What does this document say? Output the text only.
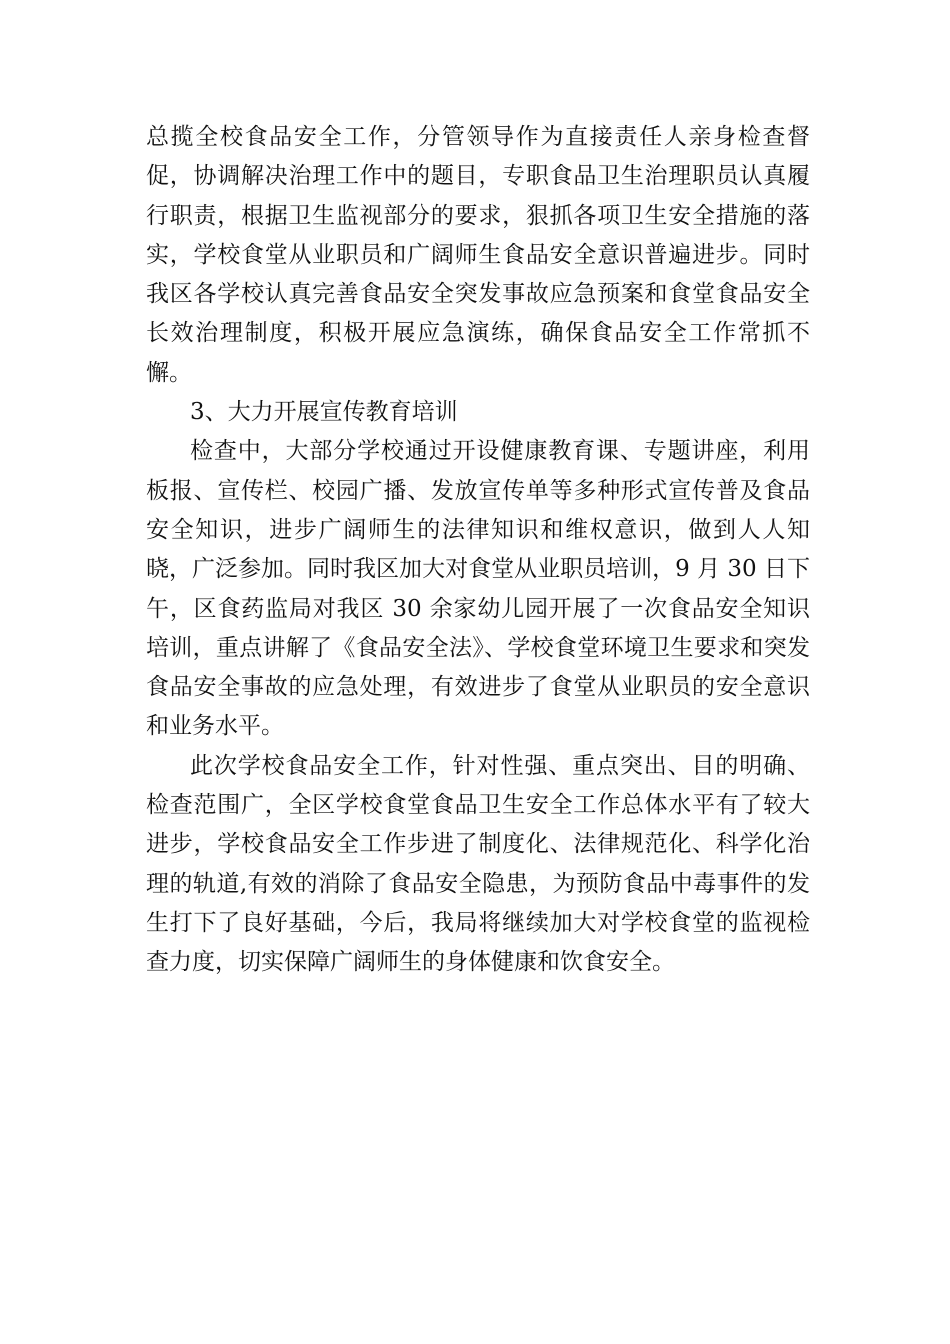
总揽全校食品安全工作，分管领导作为直接责任人亲身检查督促，协调解决治理工作中的题目，专职食品卫生治理职员认真履行职责，根据卫生监视部分的要求，狠抓各项卫生安全措施的落实，学校食堂从业职员和广阔师生食品安全意识普遍进步。同时我区各学校认真完善食品安全突发事故应急预案和食堂食品安全长效治理制度，积极开展应急演练，确保食品安全工作常抓不懈。

3、大力开展宣传教育培训

检查中，大部分学校通过开设健康教育课、专题讲座，利用板报、宣传栏、校园广播、发放宣传单等多种形式宣传普及食品安全知识，进步广阔师生的法律知识和维权意识，做到人人知晓，广泛参加。同时我区加大对食堂从业职员培训，9 月 30 日下午，区食药监局对我区 30 余家幼儿园开展了一次食品安全知识培训，重点讲解了《食品安全法》、学校食堂环境卫生要求和突发食品安全事故的应急处理，有效进步了食堂从业职员的安全意识和业务水平。

此次学校食品安全工作，针对性强、重点突出、目的明确、检查范围广，全区学校食堂食品卫生安全工作总体水平有了较大进步，学校食品安全工作步进了制度化、法律规范化、科学化治理的轨道,有效的消除了食品安全隐患，为预防食品中毒事件的发生打下了良好基础，今后，我局将继续加大对学校食堂的监视检查力度，切实保障广阔师生的身体健康和饮食安全。
